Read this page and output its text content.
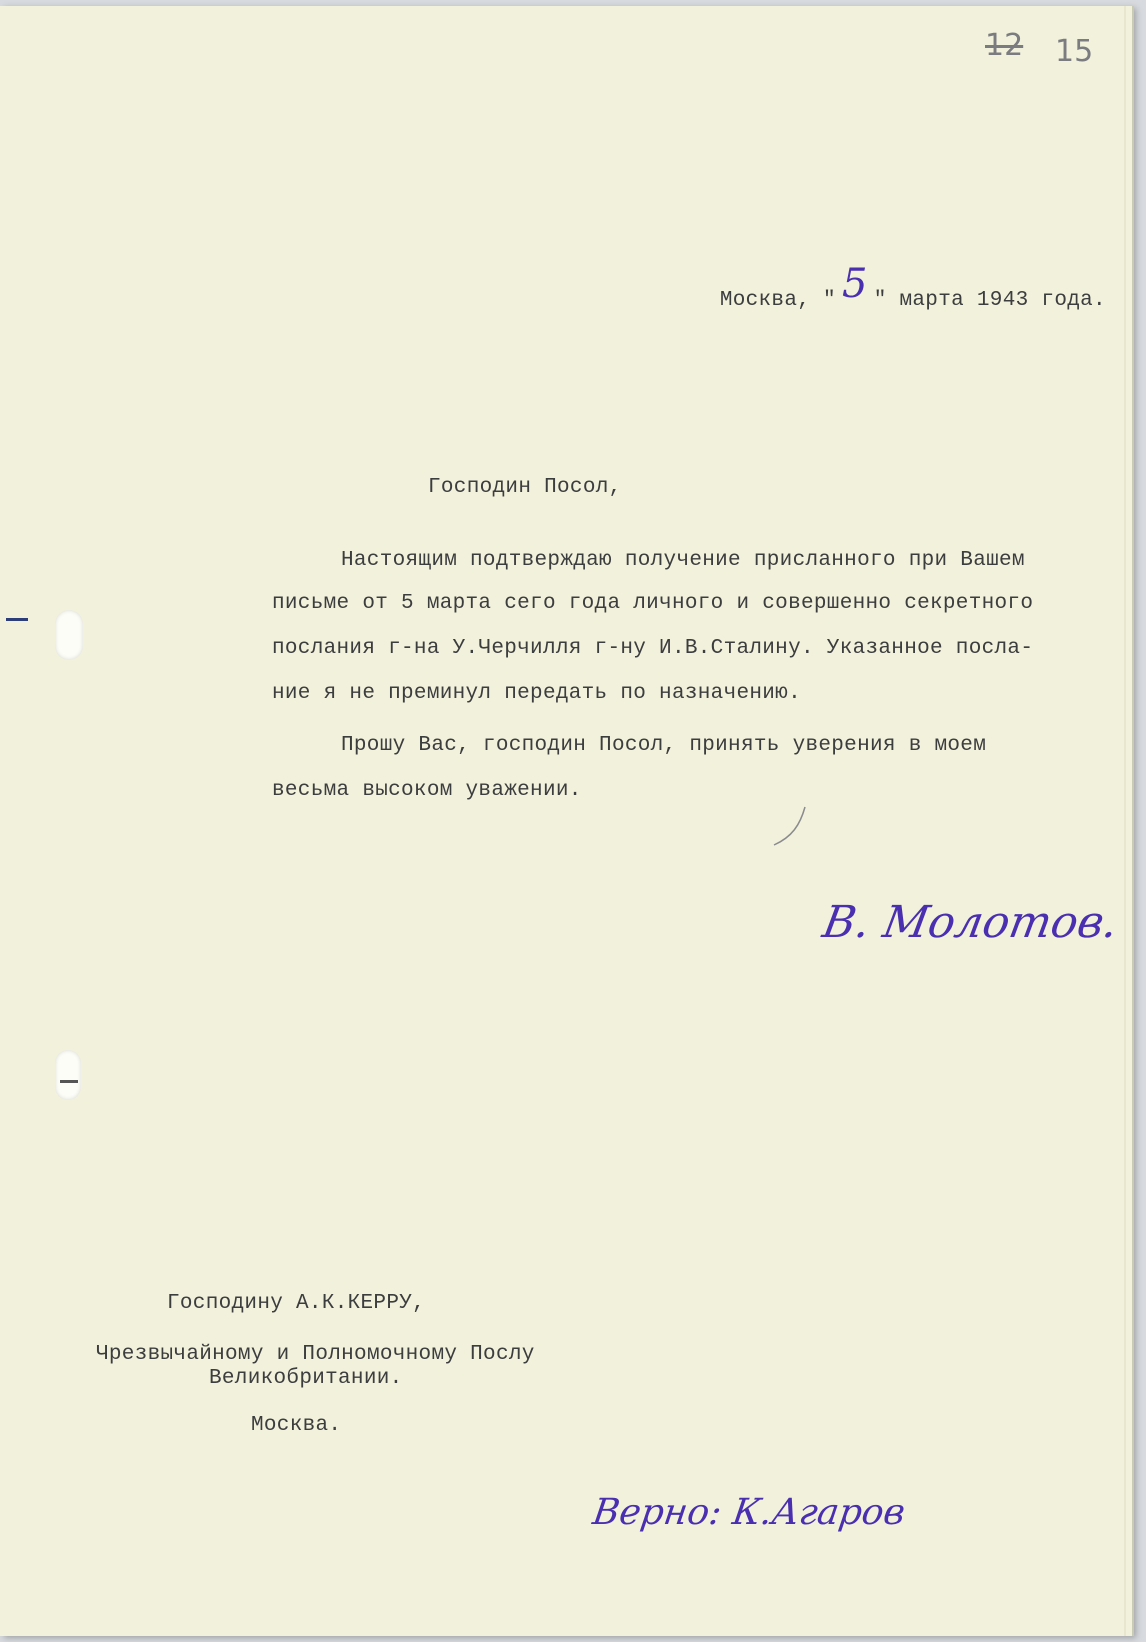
12 15

Москва, " 5 " марта 1943 года.

Господин Посол,
Настоящим подтверждаю получение присланного при Вашем
письме от 5 марта сего года личного и совершенно секретного
послания г-на У.Черчилля г-ну И.В.Сталину. Указанное посла-
ние я не преминул передать по назначению.
Прошу Вас, господин Посол, принять уверения в моем
весьма высоком уважении.
В. Молотов.
Господину А.К.КЕРРУ,
Чрезвычайному и Полномочному Послу
Великобритании.
Москва.
Верно: К.Агаров
